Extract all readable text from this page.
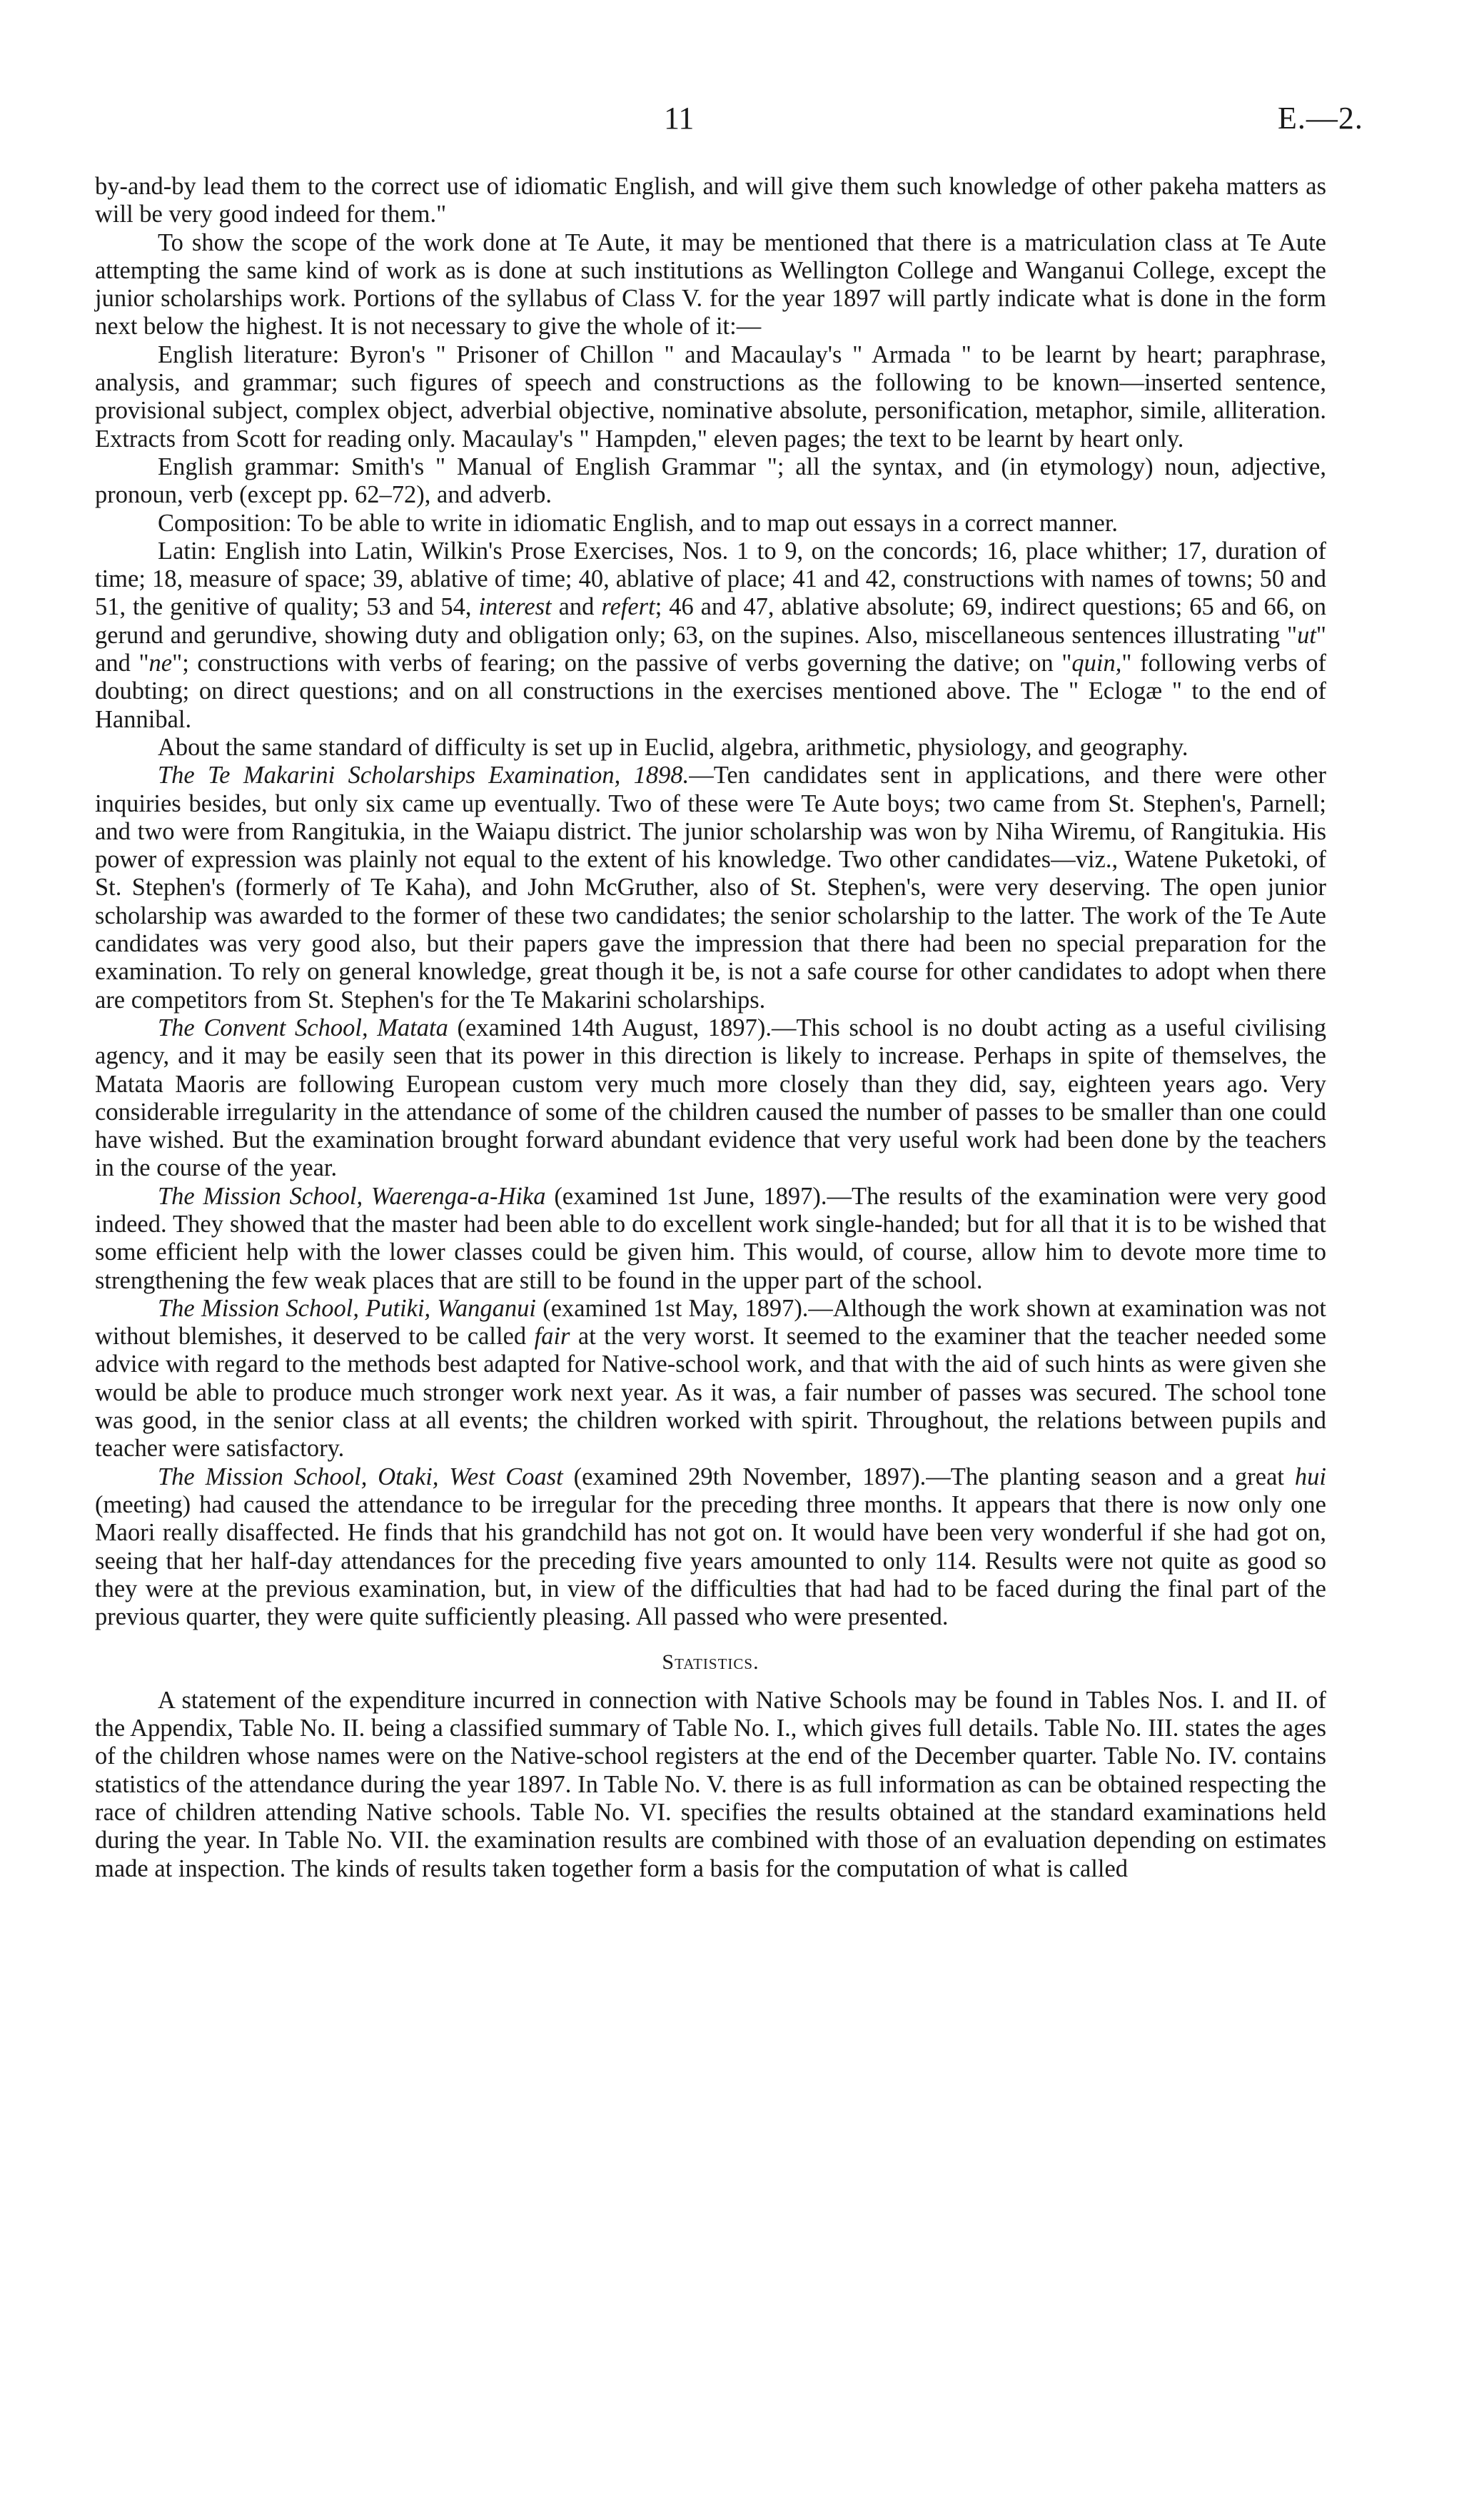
11	E.—2.

by-and-by lead them to the correct use of idiomatic English, and will give them such knowledge of other pakeha matters as will be very good indeed for them."

To show the scope of the work done at Te Aute, it may be mentioned that there is a matriculation class at Te Aute attempting the same kind of work as is done at such institutions as Wellington College and Wanganui College, except the junior scholarships work. Portions of the syllabus of Class V. for the year 1897 will partly indicate what is done in the form next below the highest. It is not necessary to give the whole of it:—

English literature: Byron's " Prisoner of Chillon " and Macaulay's " Armada " to be learnt by heart; paraphrase, analysis, and grammar; such figures of speech and constructions as the following to be known—inserted sentence, provisional subject, complex object, adverbial objective, nominative absolute, personification, metaphor, simile, alliteration. Extracts from Scott for reading only. Macaulay's " Hampden," eleven pages; the text to be learnt by heart only.

English grammar: Smith's " Manual of English Grammar "; all the syntax, and (in etymology) noun, adjective, pronoun, verb (except pp. 62–72), and adverb.

Composition: To be able to write in idiomatic English, and to map out essays in a correct manner.

Latin: English into Latin, Wilkin's Prose Exercises, Nos. 1 to 9, on the concords; 16, place whither; 17, duration of time; 18, measure of space; 39, ablative of time; 40, ablative of place; 41 and 42, constructions with names of towns; 50 and 51, the genitive of quality; 53 and 54, interest and refert; 46 and 47, ablative absolute; 69, indirect questions; 65 and 66, on gerund and gerundive, showing duty and obligation only; 63, on the supines. Also, miscellaneous sentences illustrating "ut" and "ne"; constructions with verbs of fearing; on the passive of verbs governing the dative; on "quin," following verbs of doubting; on direct questions; and on all constructions in the exercises mentioned above. The " Eclogæ " to the end of Hannibal.

About the same standard of difficulty is set up in Euclid, algebra, arithmetic, physiology, and geography.

The Te Makarini Scholarships Examination, 1898.—Ten candidates sent in applications, and there were other inquiries besides, but only six came up eventually. Two of these were Te Aute boys; two came from St. Stephen's, Parnell; and two were from Rangitukia, in the Waiapu district. The junior scholarship was won by Niha Wiremu, of Rangitukia. His power of expression was plainly not equal to the extent of his knowledge. Two other candidates—viz., Watene Puketoki, of St. Stephen's (formerly of Te Kaha), and John McGruther, also of St. Stephen's, were very deserving. The open junior scholarship was awarded to the former of these two candidates; the senior scholarship to the latter. The work of the Te Aute candidates was very good also, but their papers gave the impression that there had been no special preparation for the examination. To rely on general knowledge, great though it be, is not a safe course for other candidates to adopt when there are competitors from St. Stephen's for the Te Makarini scholarships.

The Convent School, Matata (examined 14th August, 1897).—This school is no doubt acting as a useful civilising agency, and it may be easily seen that its power in this direction is likely to increase. Perhaps in spite of themselves, the Matata Maoris are following European custom very much more closely than they did, say, eighteen years ago. Very considerable irregularity in the attendance of some of the children caused the number of passes to be smaller than one could have wished. But the examination brought forward abundant evidence that very useful work had been done by the teachers in the course of the year.

The Mission School, Waerenga-a-Hika (examined 1st June, 1897).—The results of the examination were very good indeed. They showed that the master had been able to do excellent work single-handed; but for all that it is to be wished that some efficient help with the lower classes could be given him. This would, of course, allow him to devote more time to strengthening the few weak places that are still to be found in the upper part of the school.

The Mission School, Putiki, Wanganui (examined 1st May, 1897).—Although the work shown at examination was not without blemishes, it deserved to be called fair at the very worst. It seemed to the examiner that the teacher needed some advice with regard to the methods best adapted for Native-school work, and that with the aid of such hints as were given she would be able to produce much stronger work next year. As it was, a fair number of passes was secured. The school tone was good, in the senior class at all events; the children worked with spirit. Throughout, the relations between pupils and teacher were satisfactory.

The Mission School, Otaki, West Coast (examined 29th November, 1897).—The planting season and a great hui (meeting) had caused the attendance to be irregular for the preceding three months. It appears that there is now only one Maori really disaffected. He finds that his grandchild has not got on. It would have been very wonderful if she had got on, seeing that her half-day attendances for the preceding five years amounted to only 114. Results were not quite as good so they were at the previous examination, but, in view of the difficulties that had had to be faced during the final part of the previous quarter, they were quite sufficiently pleasing. All passed who were presented.

Statistics.

A statement of the expenditure incurred in connection with Native Schools may be found in Tables Nos. I. and II. of the Appendix, Table No. II. being a classified summary of Table No. I., which gives full details. Table No. III. states the ages of the children whose names were on the Native-school registers at the end of the December quarter. Table No. IV. contains statistics of the attendance during the year 1897. In Table No. V. there is as full information as can be obtained respecting the race of children attending Native schools. Table No. VI. specifies the results obtained at the standard examinations held during the year. In Table No. VII. the examination results are combined with those of an evaluation depending on estimates made at inspection. The kinds of results taken together form a basis for the computation of what is called
